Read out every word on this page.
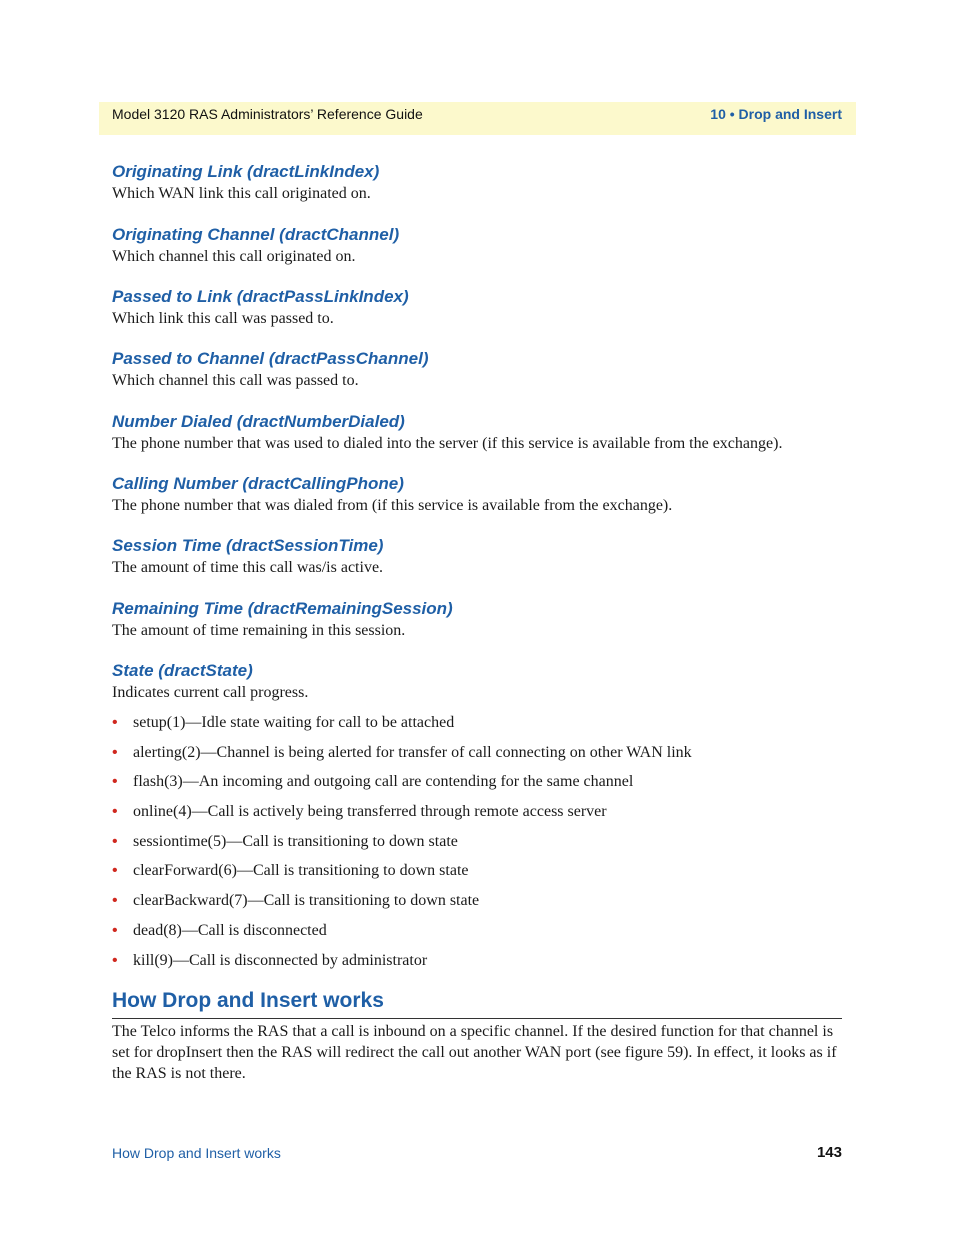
Model 3120 RAS Administrators’ Reference Guide	10 • Drop and Insert
Originating Link (dractLinkIndex)

Which WAN link this call originated on.

Originating Channel (dractChannel)

Which channel this call originated on.

Passed to Link (dractPassLinkIndex)

Which link this call was passed to.

Passed to Channel (dractPassChannel)

Which channel this call was passed to.

Number Dialed (dractNumberDialed)

The phone number that was used to dialed into the server (if this service is available from the exchange).

Calling Number (dractCallingPhone)

The phone number that was dialed from (if this service is available from the exchange).

Session Time (dractSessionTime)

The amount of time this call was/is active.

Remaining Time (dractRemainingSession)

The amount of time remaining in this session.

State (dractState)

Indicates current call progress.

• setup(1)—Idle state waiting for call to be attached
• alerting(2)—Channel is being alerted for transfer of call connecting on other WAN link
• flash(3)—An incoming and outgoing call are contending for the same channel
• online(4)—Call is actively being transferred through remote access server
• sessiontime(5)—Call is transitioning to down state
• clearForward(6)—Call is transitioning to down state
• clearBackward(7)—Call is transitioning to down state
• dead(8)—Call is disconnected
• kill(9)—Call is disconnected by administrator
How Drop and Insert works

The Telco informs the RAS that a call is inbound on a specific channel. If the desired function for that channel is set for dropInsert then the RAS will redirect the call out another WAN port (see figure 59). In effect, it looks as if the RAS is not there.

How Drop and Insert works	143
